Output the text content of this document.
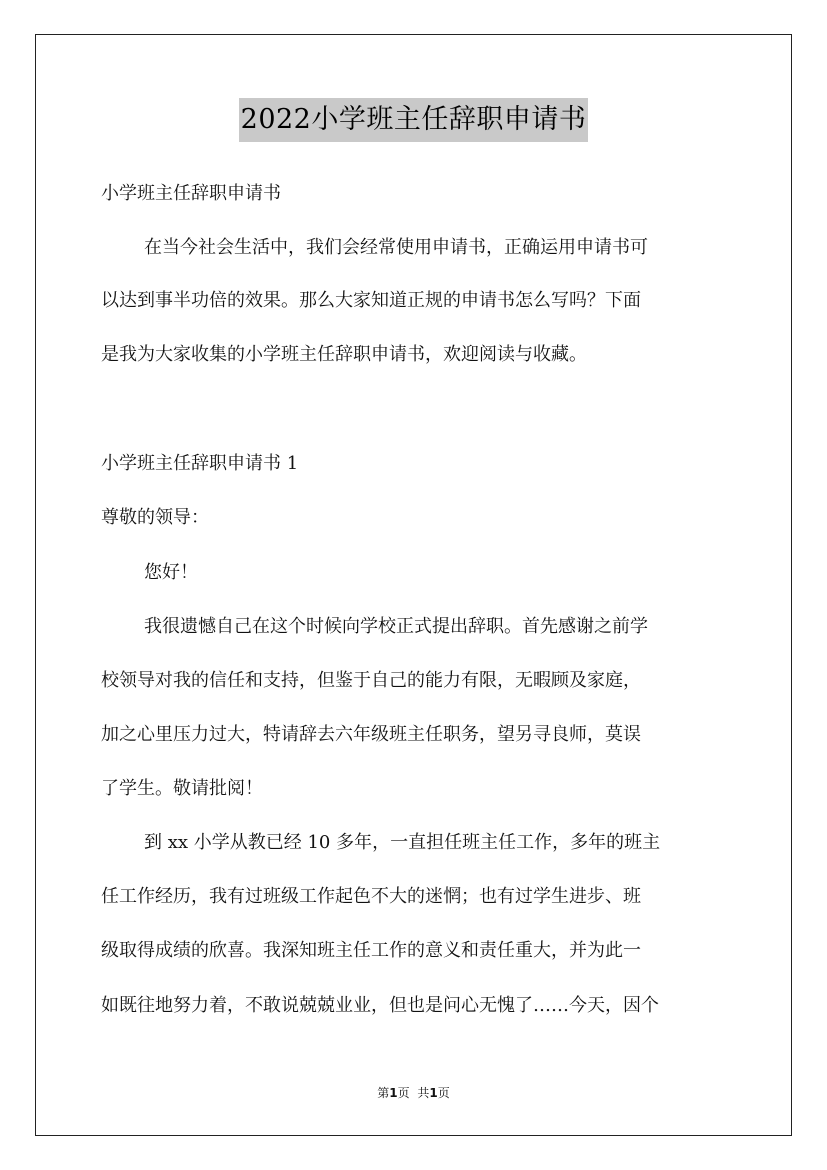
2022小学班主任辞职申请书
小学班主任辞职申请书
在当今社会生活中，我们会经常使用申请书，正确运用申请书可
以达到事半功倍的效果。那么大家知道正规的申请书怎么写吗？下面
是我为大家收集的小学班主任辞职申请书，欢迎阅读与收藏。
小学班主任辞职申请书 1
尊敬的领导：
您好！
我很遗憾自己在这个时候向学校正式提出辞职。首先感谢之前学
校领导对我的信任和支持，但鉴于自己的能力有限，无暇顾及家庭，
加之心里压力过大，特请辞去六年级班主任职务，望另寻良师，莫误
了学生。敬请批阅！
到 xx 小学从教已经 10 多年，一直担任班主任工作，多年的班主
任工作经历，我有过班级工作起色不大的迷惘；也有过学生进步、班
级取得成绩的欣喜。我深知班主任工作的意义和责任重大，并为此一
如既往地努力着，不敢说兢兢业业，但也是问心无愧了……今天，因个
第1页 共1页
